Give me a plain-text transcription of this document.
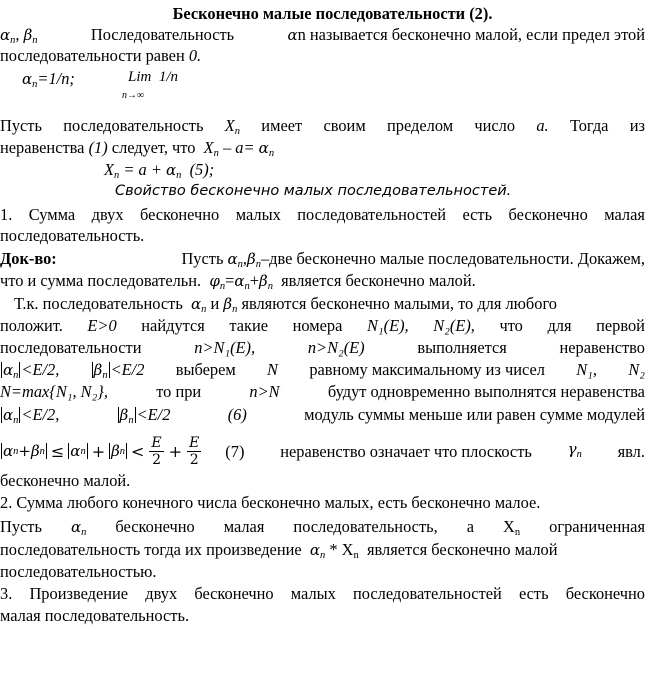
Бесконечно малые последовательности (2).
$\alpha_n$, $\beta_n$	Последовательность	αn называется бесконечно малой, если предел этой
последовательности равен 0.
$\alpha_n=1/n$;	Lim 1/n
n→∞
Пусть последовательность $X_n$ имеет своим пределом число a. Тогда из
неравенства (1) следует, что $X_n - a= \alpha_n$
$X_n = a + \alpha_n$ (5);
Свойство бесконечно малых последовательностей.
1. Сумма двух бесконечно малых последовательностей есть бесконечно малая
последовательность.
Док-во:	Пусть $\alpha_n,\beta_n$–две бесконечно малые последовательности. Докажем,
что и сумма последовательн. $\varphi_n=\alpha_n+\beta_n$ является бесконечно малой.
Т.к. последовательность $\alpha_n$ и $\beta_n$ являются бесконечно малыми, то для любого
положит. E>0 найдутся такие номера N₁(E), N₂(E), что для первой
последовательности	n>N₁(E),	n>N₂(E)	выполняется	неравенство
$\alpha_n <E/2$, $\beta_n <E/2$ выберем N равному максимальному из чисел N₁, N₂
N=max{N₁, N₂},	то при	n>N	будут одновременно выполнятся неравенства
$\alpha_n <E/2$,	$\beta_n <E/2$	(6)	модуль суммы меньше или равен сумме модулей
α n + β n ≤ α n + β $n < \frac{E}{2} + \frac{E}{2} (7)$ неравенство означает что плоскость $\gamma_n$ явл.
бесконечно малой.
2. Сумма любого конечного числа бесконечно малых, есть бесконечно малое.
Пусть $\alpha_n$ бесконечно малая последовательность, а Xn ограниченная
последовательность тогда их произведение $\alpha_n$ * Xn является бесконечно малой
последовательностью.
3. Произведение двух бесконечно малых последовательностей есть бесконечно
малая последовательность.
